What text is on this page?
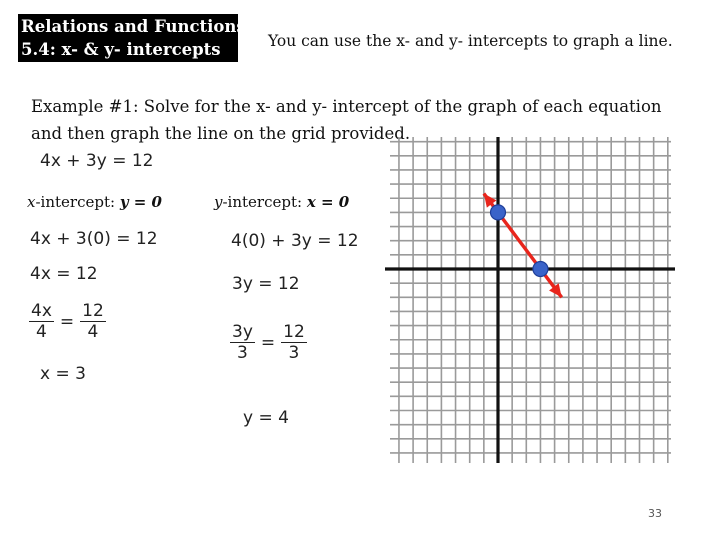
Relations and Functions
5.4: x- & y- intercepts	You can use the x- and y- intercepts to graph a line.
Example #1: Solve for the x- and y- intercept of the graph of each equation
and then graph the line on the grid provided.
4x + 3y = 12
x-intercept: y = 0
4x + 3(0) = 12
4x = 12
$\frac{4x}{4} = \frac{12}{4}$
x = 3
y-intercept: x = 0
4(0) + 3y = 12
3y = 12
$\frac{3y}{3} = \frac{12}{3}$
y = 4
33
